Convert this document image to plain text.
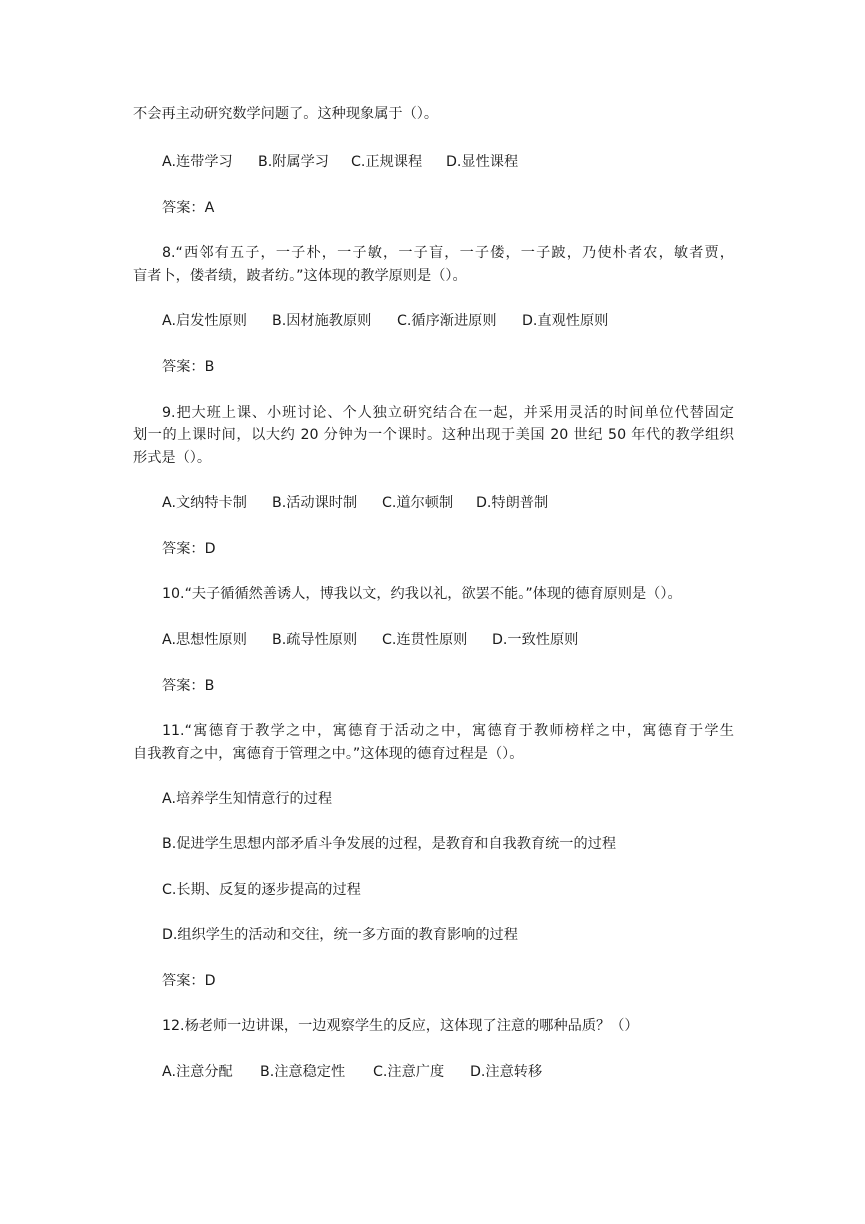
不会再主动研究数学问题了。这种现象属于（）。
A.连带学习 B.附属学习 C.正规课程 D.显性课程
答案：A
8.“西邻有五子，一子朴，一子敏，一子盲，一子偻，一子跛，乃使朴者农，敏者贾，
盲者卜，偻者绩，跛者纺。”这体现的教学原则是（）。
A.启发性原则 B.因材施教原则 C.循序渐进原则 D.直观性原则
答案：B
9.把大班上课、小班讨论、个人独立研究结合在一起，并采用灵活的时间单位代替固定
划一的上课时间，以大约 20 分钟为一个课时。这种出现于美国 20 世纪 50 年代的教学组织
形式是（）。
A.文纳特卡制 B.活动课时制 C.道尔顿制 D.特朗普制
答案：D
10.“夫子循循然善诱人，博我以文，约我以礼，欲罢不能。”体现的德育原则是（）。
A.思想性原则 B.疏导性原则 C.连贯性原则 D.一致性原则
答案：B
11.“寓德育于教学之中，寓德育于活动之中，寓德育于教师榜样之中，寓德育于学生
自我教育之中，寓德育于管理之中。”这体现的德育过程是（）。
A.培养学生知情意行的过程
B.促进学生思想内部矛盾斗争发展的过程，是教育和自我教育统一的过程
C.长期、反复的逐步提高的过程
D.组织学生的活动和交往，统一多方面的教育影响的过程
答案：D
12.杨老师一边讲课，一边观察学生的反应，这体现了注意的哪种品质？（）
A.注意分配 B.注意稳定性 C.注意广度 D.注意转移
